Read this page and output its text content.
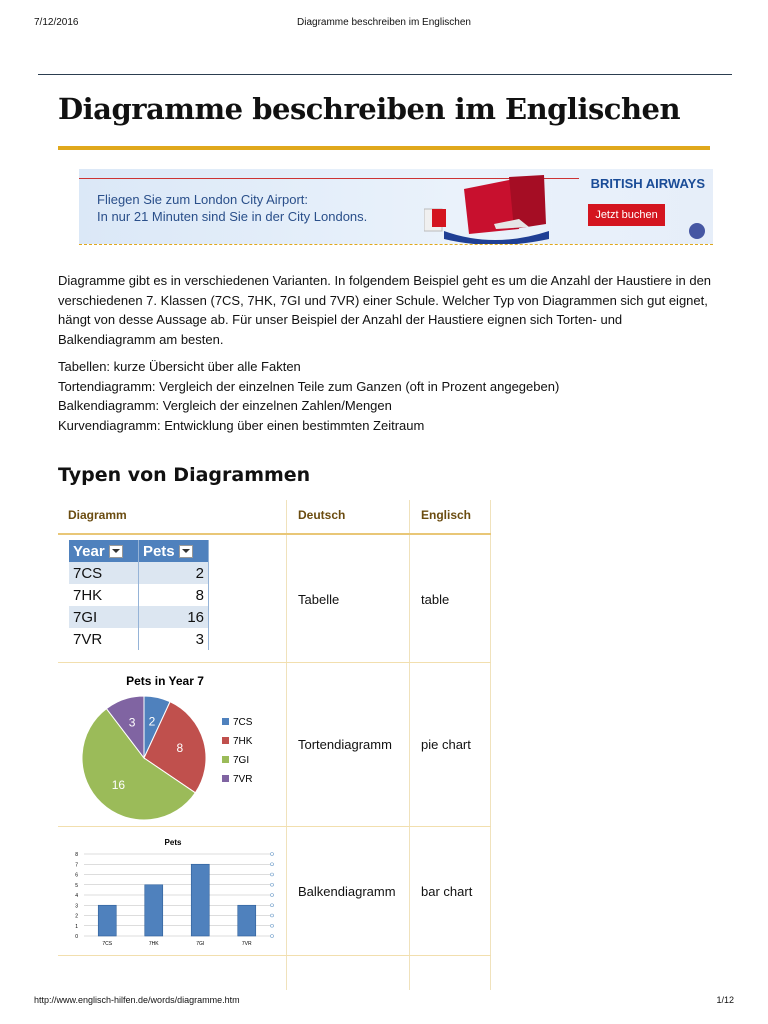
7/12/2016	Diagramme beschreiben im Englischen
Diagramme beschreiben im Englischen
Fliegen Sie zum London City Airport:
In nur 21 Minuten sind Sie in der City Londons.
BRITISH AIRWAYS
Jetzt buchen
Diagramme gibt es in verschiedenen Varianten. In folgendem Beispiel geht es um die Anzahl der Haustiere in den verschiedenen 7. Klassen (7CS, 7HK, 7GI und 7VR) einer Schule. Welcher Typ von Diagrammen sich gut eignet, hängt von desse Aussage ab. Für unser Beispiel der Anzahl der Haustiere eignen sich Torten- und Balkendiagramm am besten.
Tabellen: kurze Übersicht über alle Fakten
Tortendiagramm: Vergleich der einzelnen Teile zum Ganzen (oft in Prozent angegeben)
Balkendiagramm: Vergleich der einzelnen Zahlen/Mengen
Kurvendiagramm: Entwicklung über einen bestimmten Zeitraum
Typen von Diagrammen
Diagramm	Deutsch	Englisch
Tabelle	table
Tortendiagramm pie chart
Balkendiagramm bar chart
Year	Pets
7CS	2
7HK	8
7GI	16
7VR	3
Pets in Year 7
2
8
16
3	7CS
7HK
7GI
7VR
Pets
0
1
2
3
4
5
6
7
8
7CS	7HK	7GI	7VR
http://www.englisch-hilfen.de/words/diagramme.htm	1/12
